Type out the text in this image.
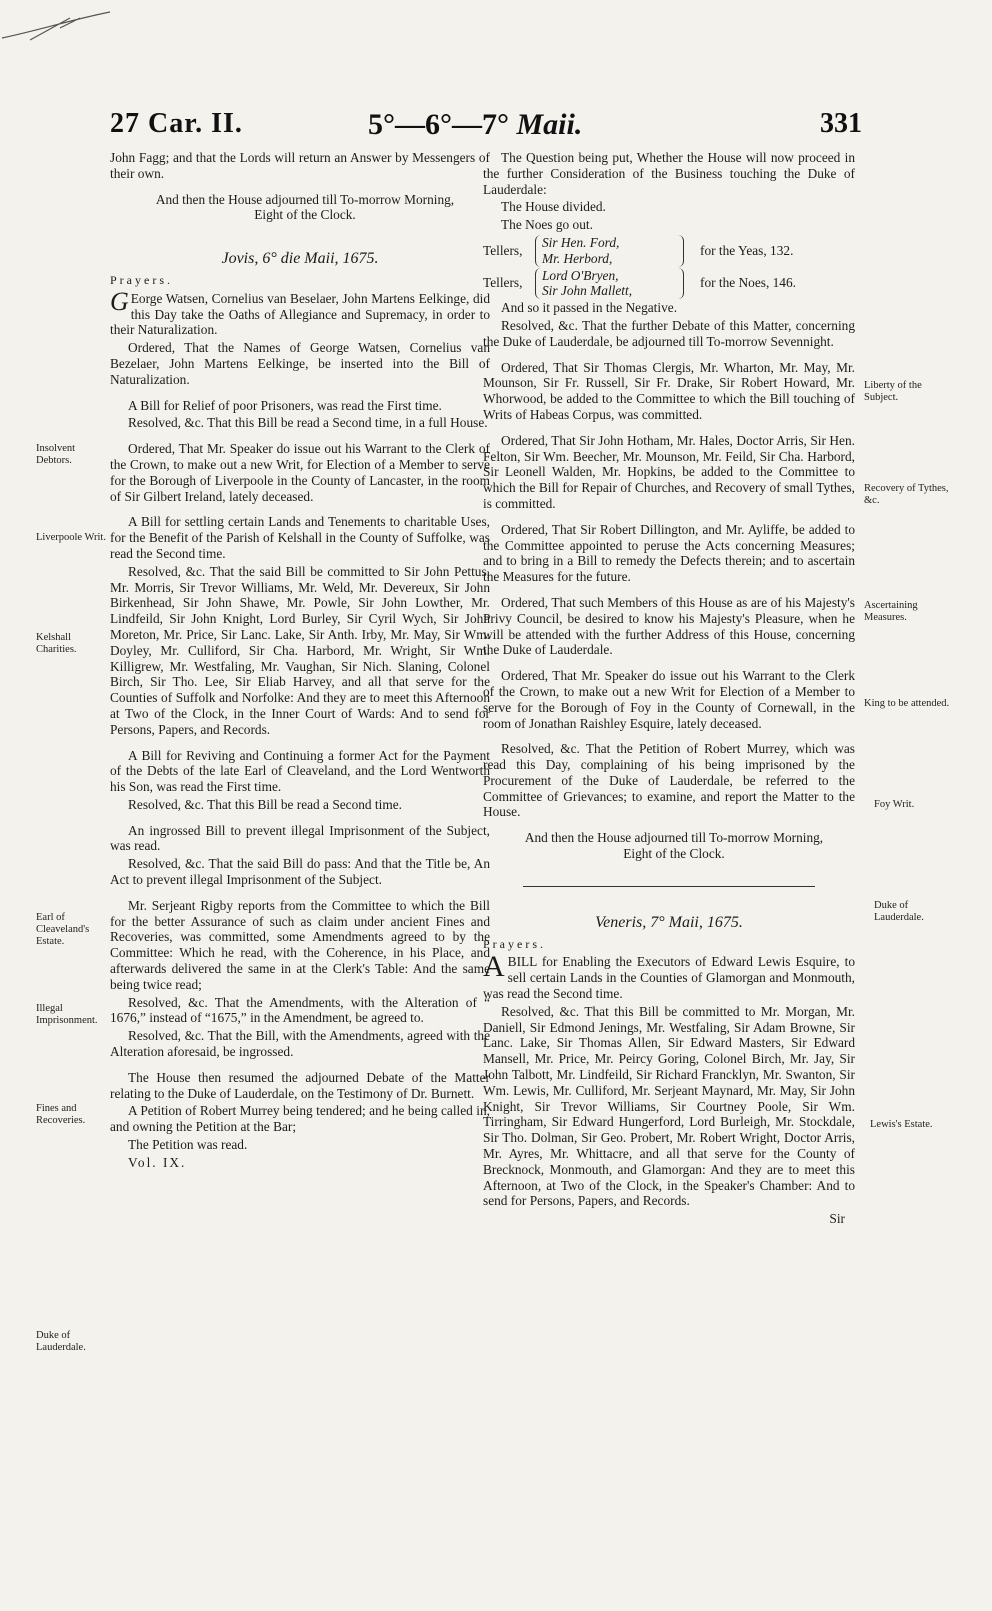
27 Car. II.	5°—6°—7° Maii.	331

John Fagg; and that the Lords will return an Answer by Messengers of their own.

And then the House adjourned till To-morrow Morning, Eight of the Clock.

Jovis, 6° die Maii, 1675.

Prayers.

G Eorge Watsen, Cornelius van Beselaer, John Martens Eelkinge, did this Day take the Oaths of Allegiance and Supremacy, in order to their Naturalization.

Ordered, That the Names of George Watsen, Cornelius van Bezelaer, John Martens Eelkinge, be inserted into the Bill of Naturalization.

A Bill for Relief of poor Prisoners, was read the First time.

Resolved, &c. That this Bill be read a Second time, in a full House.

Ordered, That Mr. Speaker do issue out his Warrant to the Clerk of the Crown, to make out a new Writ, for Election of a Member to serve for the Borough of Liverpoole in the County of Lancaster, in the room of Sir Gilbert Ireland, lately deceased.

A Bill for settling certain Lands and Tenements to charitable Uses, for the Benefit of the Parish of Kelshall in the County of Suffolke, was read the Second time.

Resolved, &c. That the said Bill be committed to Sir John Pettus, Mr. Morris, Sir Trevor Williams, Mr. Weld, Mr. Devereux, Sir John Birkenhead, Sir John Shawe, Mr. Powle, Sir John Lowther, Mr. Lindfeild, Sir John Knight, Lord Burley, Sir Cyril Wych, Sir John Moreton, Mr. Price, Sir Lanc. Lake, Sir Anth. Irby, Mr. May, Sir Wm. Doyley, Mr. Culliford, Sir Cha. Harbord, Mr. Wright, Sir Wm. Killigrew, Mr. Westfaling, Mr. Vaughan, Sir Nich. Slaning, Colonel Birch, Sir Tho. Lee, Sir Eliab Harvey, and all that serve for the Counties of Suffolk and Norfolke: And they are to meet this Afternoon at Two of the Clock, in the Inner Court of Wards: And to send for Persons, Papers, and Records.

A Bill for Reviving and Continuing a former Act for the Payment of the Debts of the late Earl of Cleaveland, and the Lord Wentworth his Son, was read the First time.

Resolved, &c. That this Bill be read a Second time.

An ingrossed Bill to prevent illegal Imprisonment of the Subject, was read.

Resolved, &c. That the said Bill do pass: And that the Title be, An Act to prevent illegal Imprisonment of the Subject.

Mr. Serjeant Rigby reports from the Committee to which the Bill for the better Assurance of such as claim under ancient Fines and Recoveries, was committed, some Amendments agreed to by the Committee: Which he read, with the Coherence, in his Place, and afterwards delivered the same in at the Clerk's Table: And the same being twice read;

Resolved, &c. That the Amendments, with the Alteration of “ 1676,” instead of “1675,” in the Amendment, be agreed to.

Resolved, &c. That the Bill, with the Amendments, agreed with the Alteration aforesaid, be ingrossed.

The House then resumed the adjourned Debate of the Matter relating to the Duke of Lauderdale, on the Testimony of Dr. Burnett.

A Petition of Robert Murrey being tendered; and he being called in, and owning the Petition at the Bar;

The Petition was read.

Vol. IX.

The Question being put, Whether the House will now proceed in the further Consideration of the Business touching the Duke of Lauderdale:

The House divided.

The Noes go out.

Tellers,
Sir Hen. Ford,
Mr. Herbord,
for the Yeas, 132.
Tellers,
Lord O'Bryen,
Sir John Mallett,
for the Noes, 146.

And so it passed in the Negative.

Resolved, &c. That the further Debate of this Matter, concerning the Duke of Lauderdale, be adjourned till To-morrow Sevennight.

Ordered, That Sir Thomas Clergis, Mr. Wharton, Mr. May, Mr. Mounson, Sir Fr. Russell, Sir Fr. Drake, Sir Robert Howard, Mr. Whorwood, be added to the Committee to which the Bill touching of Writs of Habeas Corpus, was committed.

Ordered, That Sir John Hotham, Mr. Hales, Doctor Arris, Sir Hen. Felton, Sir Wm. Beecher, Mr. Mounson, Mr. Feild, Sir Cha. Harbord, Sir Leonell Walden, Mr. Hopkins, be added to the Committee to which the Bill for Repair of Churches, and Recovery of small Tythes, is committed.

Ordered, That Sir Robert Dillington, and Mr. Ayliffe, be added to the Committee appointed to peruse the Acts concerning Measures; and to bring in a Bill to remedy the Defects therein; and to ascertain the Measures for the future.

Ordered, That such Members of this House as are of his Majesty's Privy Council, be desired to know his Majesty's Pleasure, when he will be attended with the further Address of this House, concerning the Duke of Lauderdale.

Ordered, That Mr. Speaker do issue out his Warrant to the Clerk of the Crown, to make out a new Writ for Election of a Member to serve for the Borough of Foy in the County of Cornewall, in the room of Jonathan Raishley Esquire, lately deceased.

Resolved, &c. That the Petition of Robert Murrey, which was read this Day, complaining of his being imprisoned by the Procurement of the Duke of Lauderdale, be referred to the Committee of Grievances; to examine, and report the Matter to the House.

And then the House adjourned till To-morrow Morning, Eight of the Clock.

Veneris, 7° Maii, 1675.

Prayers.

ABILL for Enabling the Executors of Edward Lewis Esquire, to sell certain Lands in the Counties of Glamorgan and Monmouth, was read the Second time.

Resolved, &c. That this Bill be committed to Mr. Morgan, Mr. Daniell, Sir Edmond Jenings, Mr. Westfaling, Sir Adam Browne, Sir Lanc. Lake, Sir Thomas Allen, Sir Edward Masters, Sir Edward Mansell, Mr. Price, Mr. Peircy Goring, Colonel Birch, Mr. Jay, Sir John Talbott, Mr. Lindfeild, Sir Richard Francklyn, Mr. Swanton, Sir Wm. Lewis, Mr. Culliford, Mr. Serjeant Maynard, Mr. May, Sir John Knight, Sir Trevor Williams, Sir Courtney Poole, Sir Wm. Tirringham, Sir Edward Hungerford, Lord Burleigh, Mr. Stockdale, Sir Tho. Dolman, Sir Geo. Probert, Mr. Robert Wright, Doctor Arris, Mr. Ayres, Mr. Whittacre, and all that serve for the County of Brecknock, Monmouth, and Glamorgan: And they are to meet this Afternoon, at Two of the Clock, in the Speaker's Chamber: And to send for Persons, Papers, and Records.

Sir

Insolvent Debtors.
Liverpoole Writ.
Kelshall Charities.
Earl of Cleaveland's Estate.
Illegal Imprisonment.
Fines and Recoveries.
Duke of Lauderdale.
Liberty of the Subject.
Recovery of Tythes, &c.
Ascertaining Measures.
King to be attended.
Foy Writ.
Duke of Lauderdale.
Lewis's Estate.
